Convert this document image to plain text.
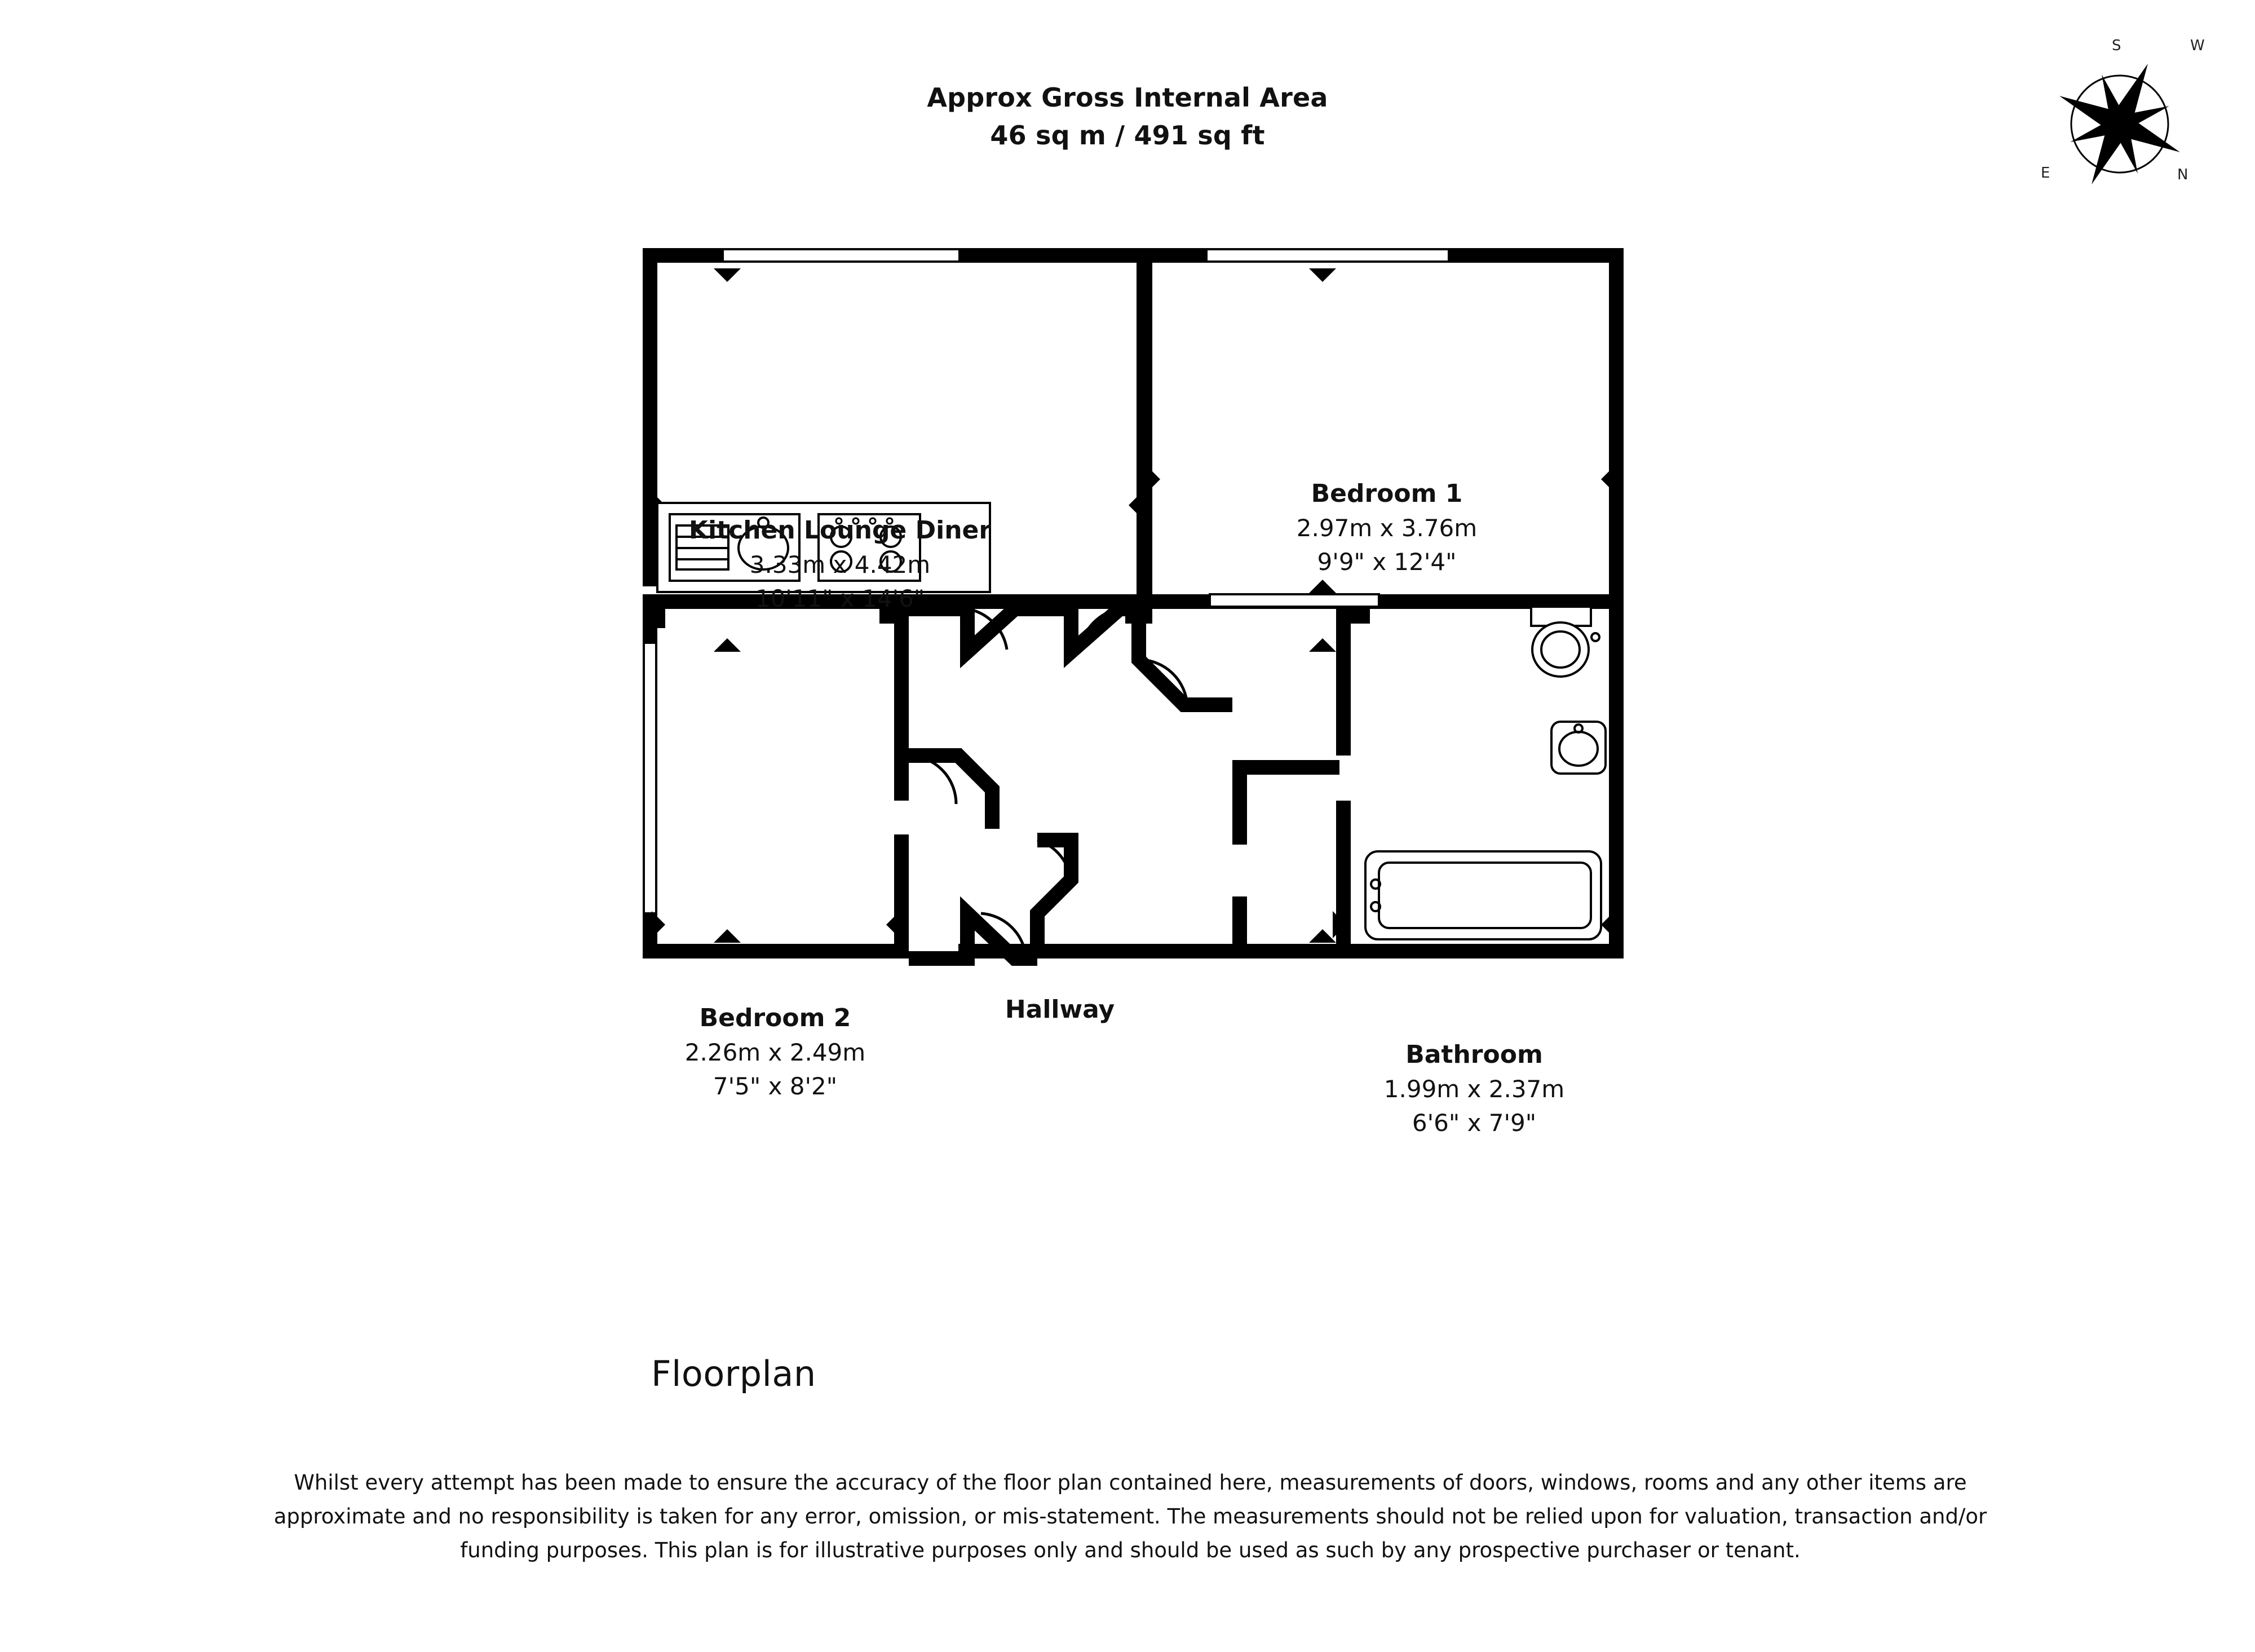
Approx Gross Internal Area
46 sq m / 491 sq ft
N
S
E
W
Kitchen Lounge Diner
3.33m x 4.42m
10'11" x 14'6"
Bedroom 1
2.97m x 3.76m
9'9" x 12'4"
Bedroom 2
2.26m x 2.49m
7'5" x 8'2"
Bathroom
1.99m x 2.37m
6'6" x 7'9"
Hallway
Floorplan
Whilst every attempt has been made to ensure the accuracy of the floor plan contained here, measurements of doors, windows, rooms and any other items are approximate and no responsibility is taken for any error, omission, or mis-statement. The measurements should not be relied upon for valuation, transaction and/or funding purposes. This plan is for illustrative purposes only and should be used as such by any prospective purchaser or tenant.
